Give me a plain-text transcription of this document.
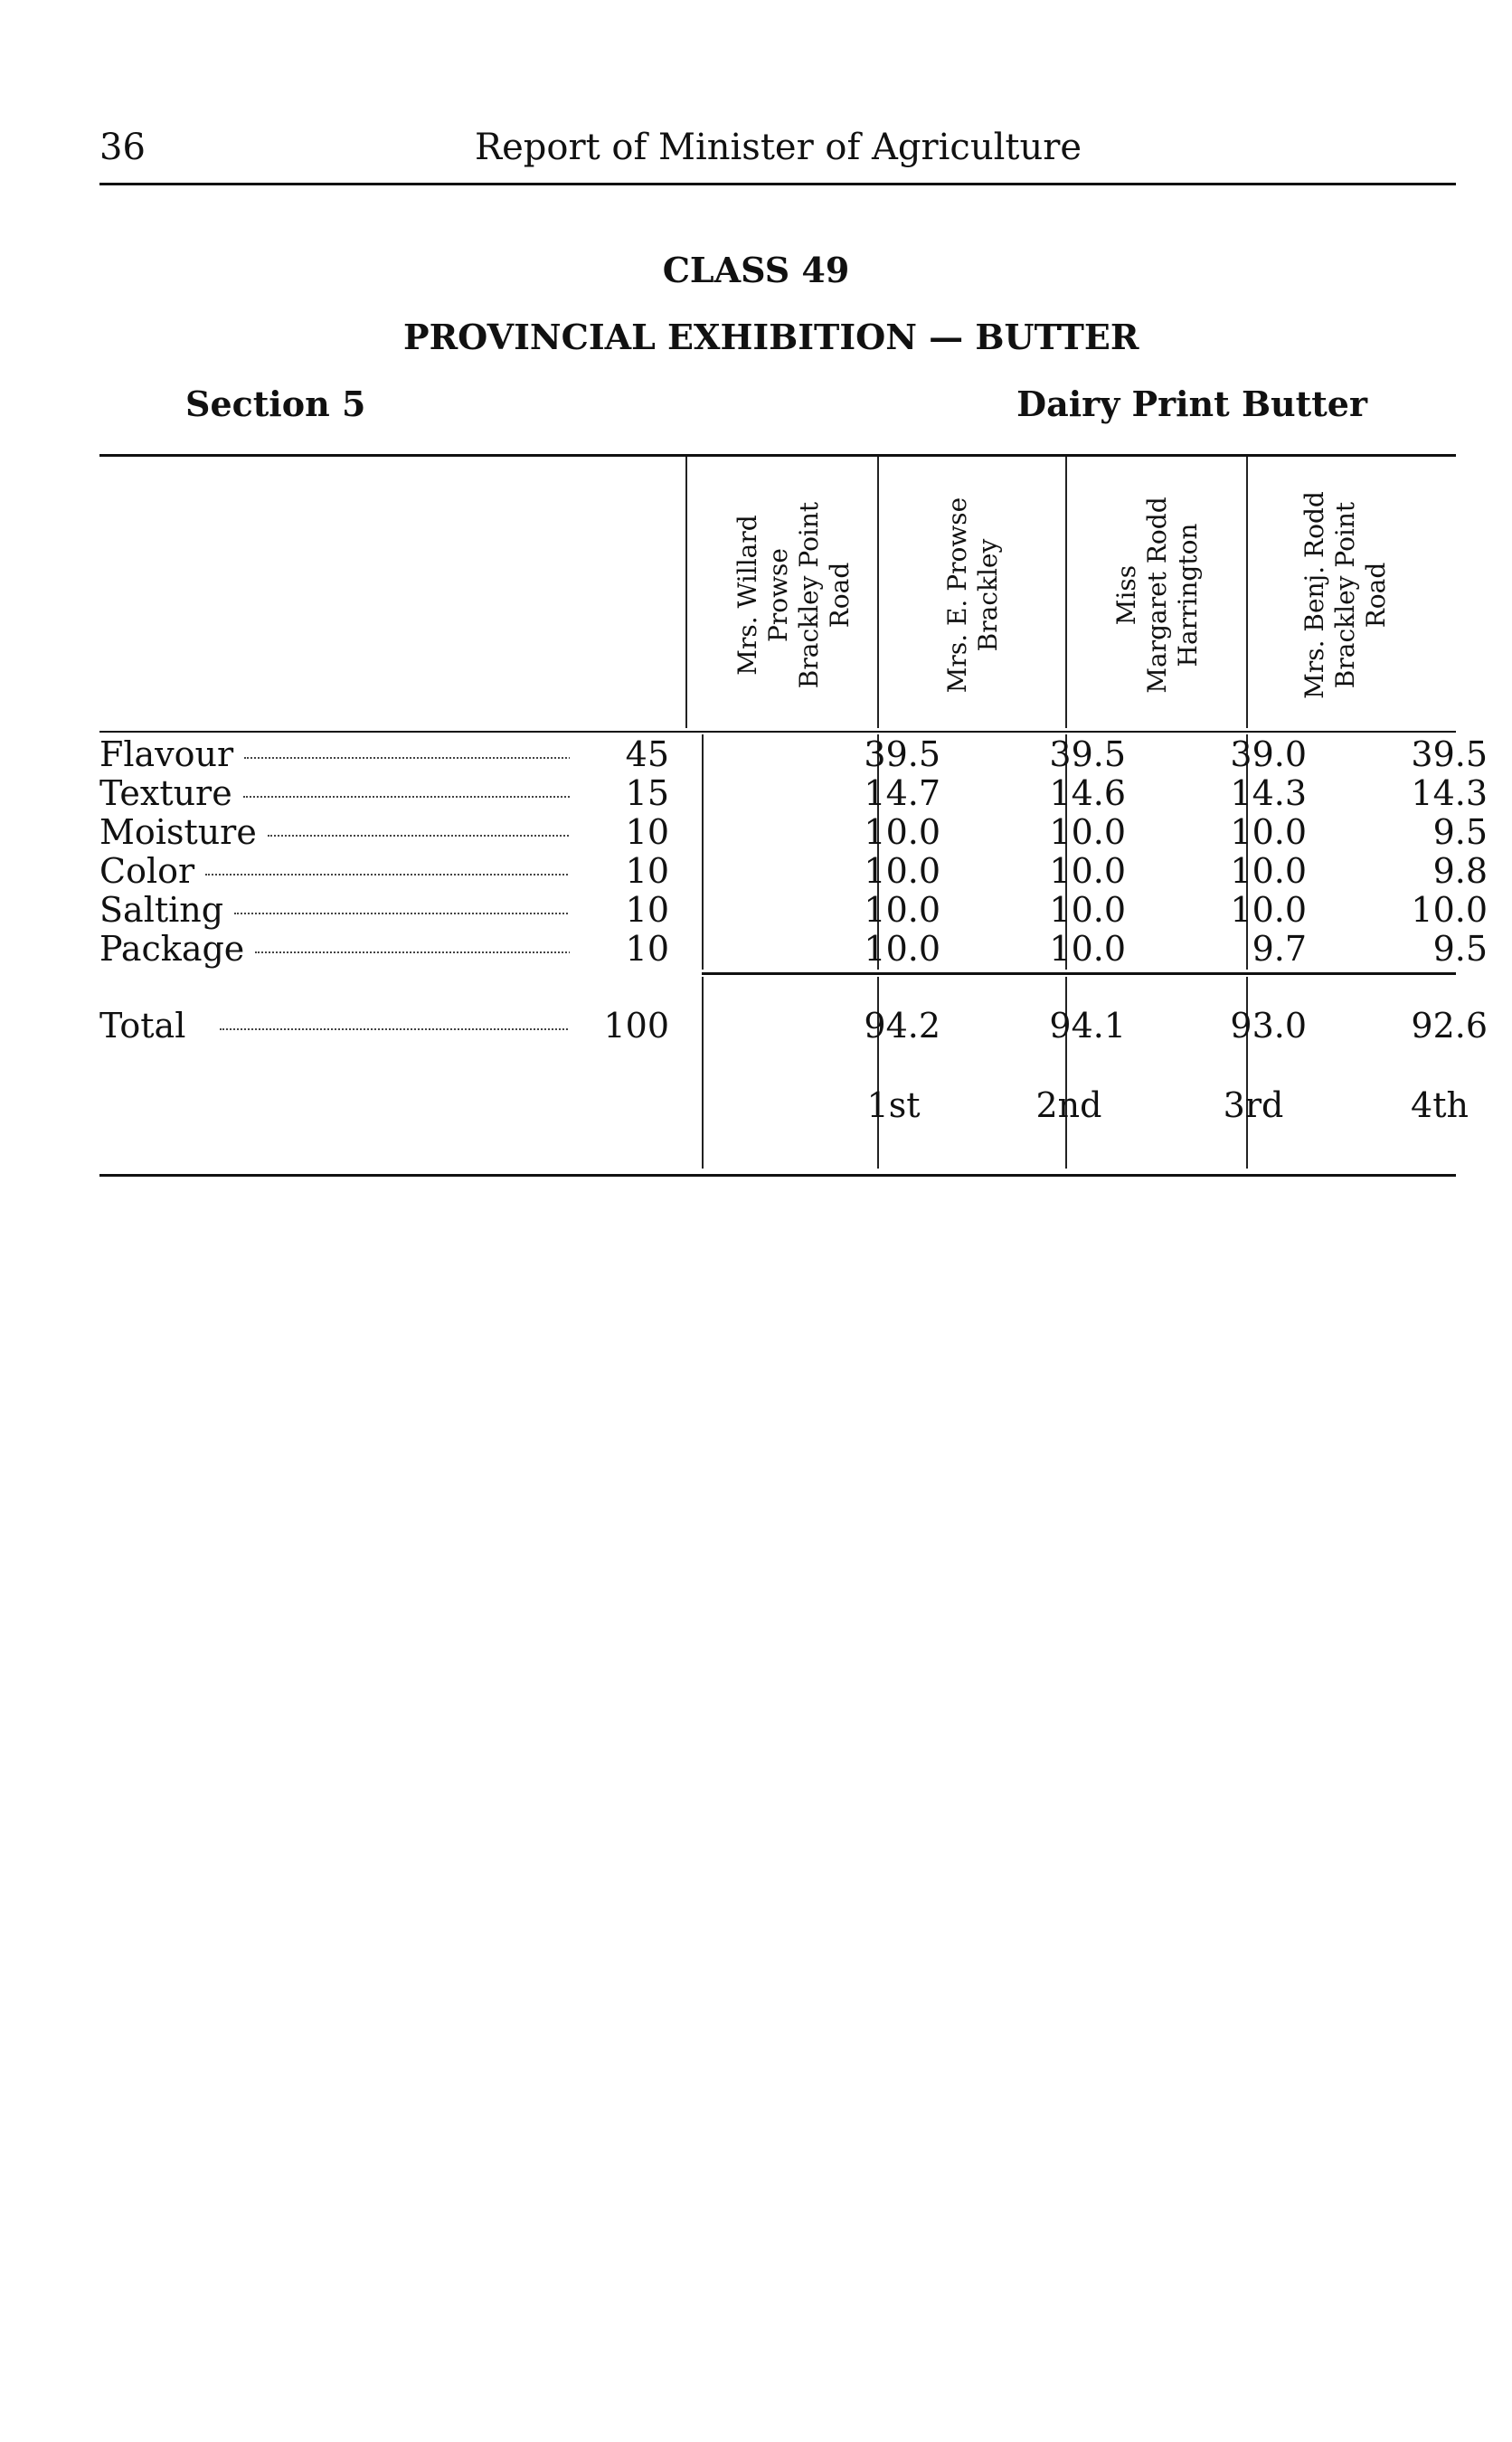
36	Report of Minister of Agriculture
CLASS 49
PROVINCIAL EXHIBITION — BUTTER
Section 5	Dairy Print Butter
Mrs. Willard Prowse Brackley Point Road	Mrs. E. Prowse Brackley	Miss Margaret Rodd Harrington	Mrs. Benj. Rodd Brackley Point Road
Flavour	45	39.5	39.5	39.0	39.5
Texture	15	14.7	14.6	14.3	14.3
Moisture	10	10.0	10.0	10.0	9.5
Color	10	10.0	10.0	10.0	9.8
Salting	10	10.0	10.0	10.0	10.0
Package	10	10.0	10.0	9.7	9.5
Total	100	94.2	94.1	93.0	92.6
1st	2nd	3rd	4th
